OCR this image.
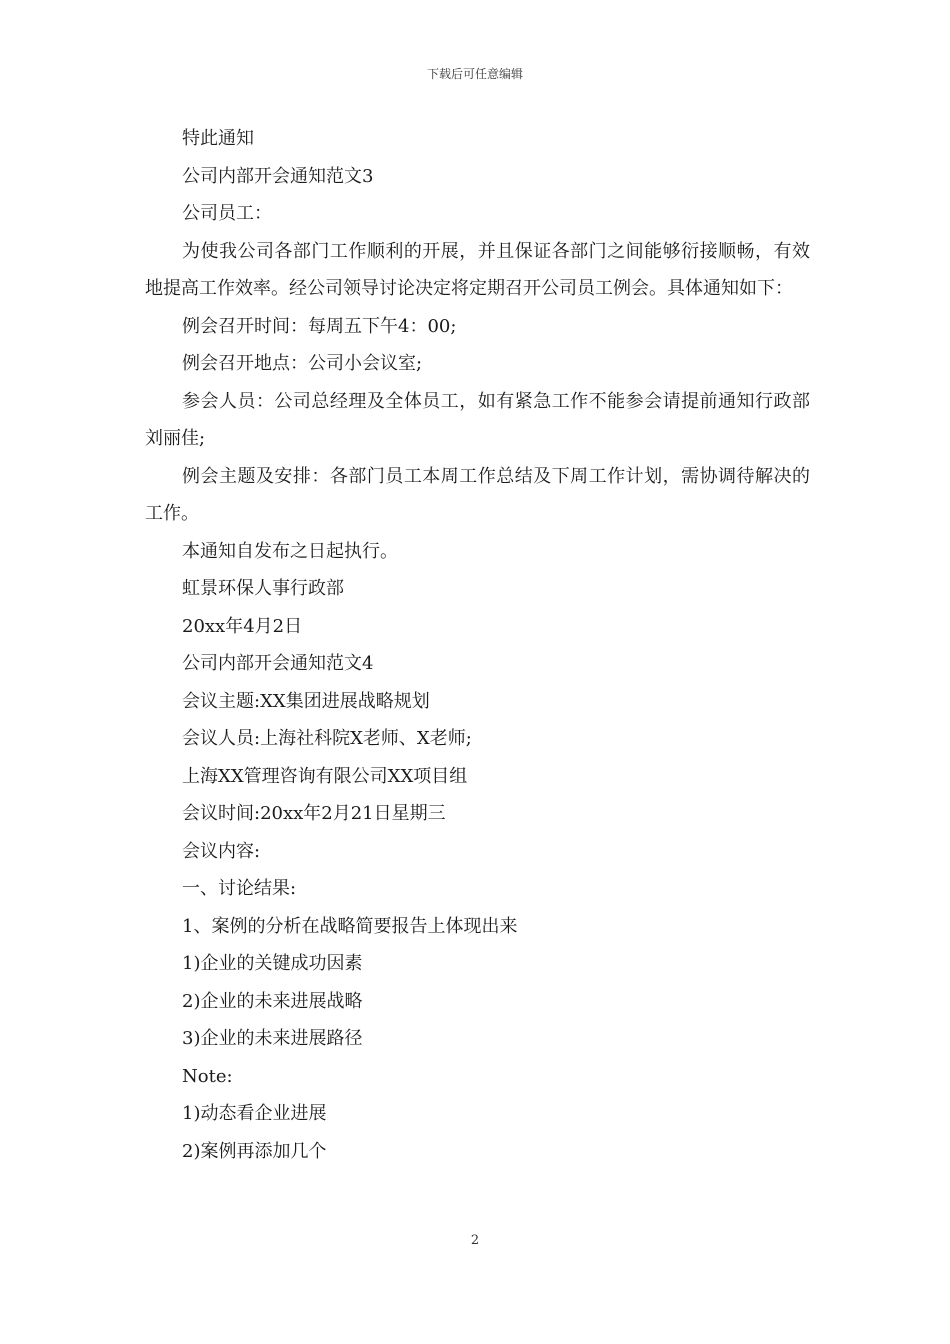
下载后可任意编辑

特此通知

公司内部开会通知范文3

公司员工：

为使我公司各部门工作顺利的开展，并且保证各部门之间能够衍接顺畅，有效地提高工作效率。经公司领导讨论决定将定期召开公司员工例会。具体通知如下：

例会召开时间：每周五下午4：00;

例会召开地点：公司小会议室;

参会人员：公司总经理及全体员工，如有紧急工作不能参会请提前通知行政部刘丽佳;

例会主题及安排：各部门员工本周工作总结及下周工作计划，需协调待解决的工作。

本通知自发布之日起执行。

虹景环保人事行政部

20xx年4月2日

公司内部开会通知范文4

会议主题:XX集团进展战略规划

会议人员:上海社科院X老师、X老师;

上海XX管理咨询有限公司XX项目组

会议时间:20xx年2月21日星期三

会议内容:

一、讨论结果:

1、案例的分析在战略简要报告上体现出来

1)企业的关键成功因素

2)企业的未来进展战略

3)企业的未来进展路径

Note:

1)动态看企业进展

2)案例再添加几个

2
